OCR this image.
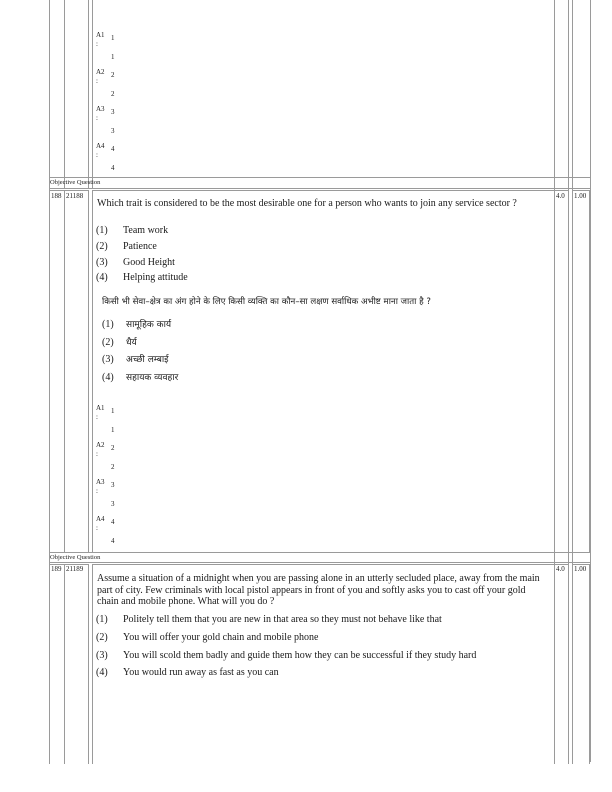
A1 1
:
1
A2 2
:
2
A3 3
:
3
A4 4
:
4
Objective Question
188 21188	4.0 1.00
Which trait is considered to be the most desirable one for a person who wants to join any service sector ?
(1) Team work
(2) Patience
(3) Good Height
(4) Helping attitude
किसी भी सेवा–क्षेत्र का अंग होने के लिए किसी व्यक्ति का कौन–सा लक्षण सर्वाधिक अभीष्ट माना जाता है ?
(1) सामूहिक कार्य
(2) धैर्य
(3) अच्छी लम्बाई
(4) सहायक व्यवहार
A1 1
:
1
A2 2
:
2
A3 3
:
3
A4 4
:
4
Objective Question
189 21189	4.0 1.00
Assume a situation of a midnight when you are passing alone in an utterly secluded place, away from the main part of city. Few criminals with local pistol appears in front of you and softly asks you to cast off your gold chain and mobile phone. What will you do ?
(1) Politely tell them that you are new in that area so they must not behave like that
(2) You will offer your gold chain and mobile phone
(3) You will scold them badly and guide them how they can be successful if they study hard
(4) You would run away as fast as you can
